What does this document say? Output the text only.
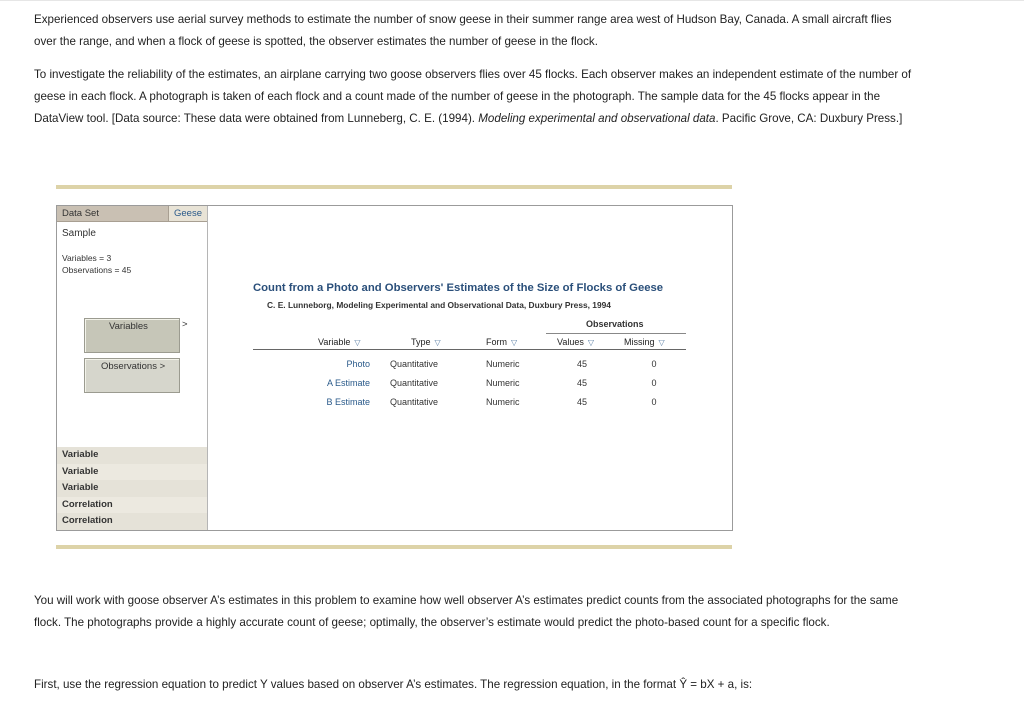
Experienced observers use aerial survey methods to estimate the number of snow geese in their summer range area west of Hudson Bay, Canada. A small aircraft flies over the range, and when a flock of geese is spotted, the observer estimates the number of geese in the flock.
To investigate the reliability of the estimates, an airplane carrying two goose observers flies over 45 flocks. Each observer makes an independent estimate of the number of geese in each flock. A photograph is taken of each flock and a count made of the number of geese in the photograph. The sample data for the 45 flocks appear in the DataView tool. [Data source: These data were obtained from Lunneberg, C. E. (1994). Modeling experimental and observational data. Pacific Grove, CA: Duxbury Press.]
Data Set	Geese
Sample
Variables = 3
Observations = 45
Variables	>
Observations >
Variable
Variable
Variable
Correlation
Correlation
Count from a Photo and Observers' Estimates of the Size of Flocks of Geese
C. E. Lunneborg, Modeling Experimental and Observational Data, Duxbury Press, 1994
Observations
Variable ▽	Type ▽	Form ▽	Values ▽	Missing ▽
Photo Quantitative	Numeric	45	0
A Estimate Quantitative	Numeric	45	0
B Estimate Quantitative	Numeric	45	0
You will work with goose observer A’s estimates in this problem to examine how well observer A’s estimates predict counts from the associated photographs for the same flock. The photographs provide a highly accurate count of geese; optimally, the observer’s estimate would predict the photo-based count for a specific flock.
First, use the regression equation to predict Y values based on observer A’s estimates. The regression equation, in the format Ŷ = bX + a, is:
